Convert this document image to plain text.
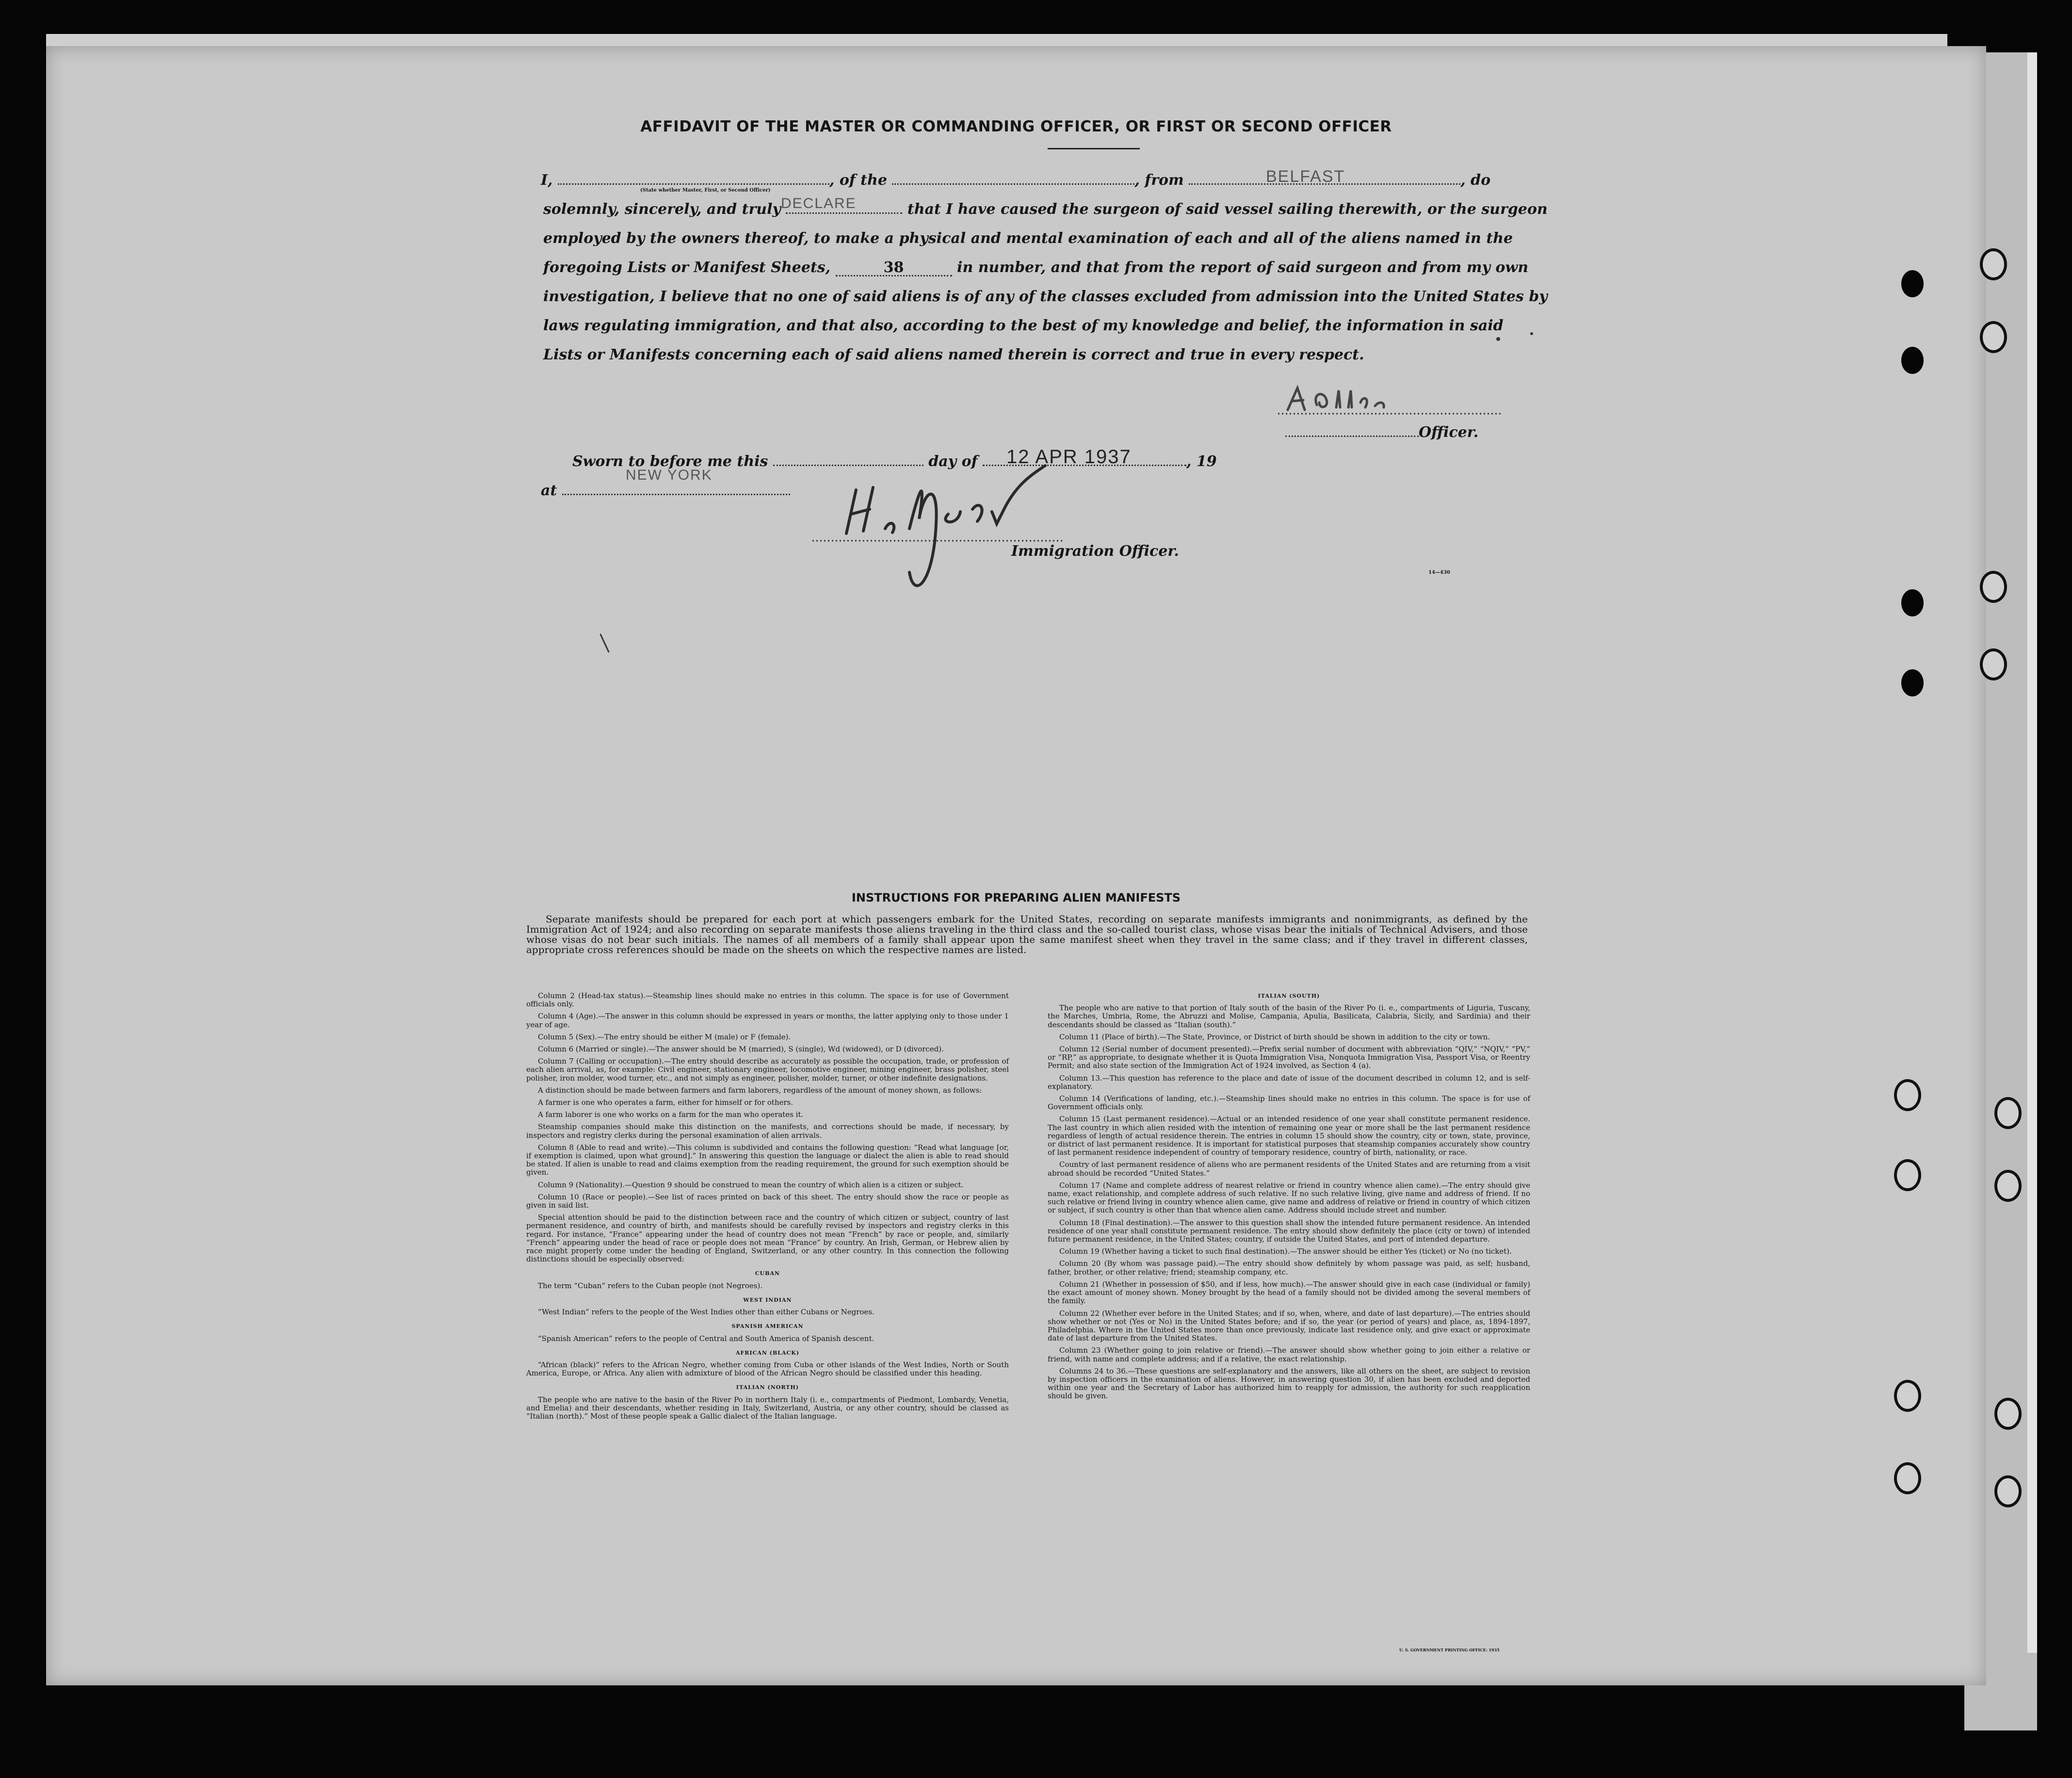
AFFIDAVIT OF THE MASTER OR COMMANDING OFFICER, OR FIRST OR SECOND OFFICER
I,	, of the	, from	, do
BELFAST
(State whether Master, First, or Second Officer)
solemnly, sincerely, and truly	that I have caused the surgeon of said vessel sailing therewith, or the surgeon
DECLARE
employed by the owners thereof, to make a physical and mental examination of each and all of the aliens named in the
foregoing Lists or Manifest Sheets,	38	in number, and that from the report of said surgeon and from my own
investigation, I believe that no one of said aliens is of any of the classes excluded from admission into the United States by
laws regulating immigration, and that also, according to the best of my knowledge and belief, the information in said
Lists or Manifests concerning each of said aliens named therein is correct and true in every respect.
Officer.
Sworn to before me this	day of	, 19
12 APR 1937
NEW YORK
at
Immigration Officer.
14—430
INSTRUCTIONS FOR PREPARING ALIEN MANIFESTS
Separate manifests should be prepared for each port at which passengers embark for the United States, recording on separate manifests immigrants and nonimmigrants, as defined by the Immigration Act of 1924; and also recording on separate manifests those aliens traveling in the third class and the so-called tourist class, whose visas bear the initials of Technical Advisers, and those whose visas do not bear such initials. The names of all members of a family shall appear upon the same manifest sheet when they travel in the same class; and if they travel in different classes, appropriate cross references should be made on the sheets on which the respective names are listed.

Column 2 (Head-tax status).—Steamship lines should make no entries in this column. The space is for use of Government officials only.

Column 4 (Age).—The answer in this column should be expressed in years or months, the latter applying only to those under 1 year of age.

Column 5 (Sex).—The entry should be either M (male) or F (female).

Column 6 (Married or single).—The answer should be M (married), S (single), Wd (widowed), or D (divorced).

Column 7 (Calling or occupation).—The entry should describe as accurately as possible the occupation, trade, or profession of each alien arrival, as, for example: Civil engineer, stationary engineer, locomotive engineer, mining engineer, brass polisher, steel polisher, iron molder, wood turner, etc., and not simply as engineer, polisher, molder, turner, or other indefinite designations.

A distinction should be made between farmers and farm laborers, regardless of the amount of money shown, as follows:

A farmer is one who operates a farm, either for himself or for others.

A farm laborer is one who works on a farm for the man who operates it.

Steamship companies should make this distinction on the manifests, and corrections should be made, if necessary, by inspectors and registry clerks during the personal examination of alien arrivals.

Column 8 (Able to read and write).—This column is subdivided and contains the following question: “Read what language [or, if exemption is claimed, upon what ground].” In answering this question the language or dialect the alien is able to read should be stated. If alien is unable to read and claims exemption from the reading requirement, the ground for such exemption should be given.

Column 9 (Nationality).—Question 9 should be construed to mean the country of which alien is a citizen or subject.

Column 10 (Race or people).—See list of races printed on back of this sheet. The entry should show the race or people as given in said list.

Special attention should be paid to the distinction between race and the country of which citizen or subject, country of last permanent residence, and country of birth, and manifests should be carefully revised by inspectors and registry clerks in this regard. For instance, “France” appearing under the head of country does not mean “French” by race or people, and, similarly “French” appearing under the head of race or people does not mean “France” by country. An Irish, German, or Hebrew alien by race might properly come under the heading of England, Switzerland, or any other country. In this connection the following distinctions should be especially observed:

CUBAN

The term “Cuban” refers to the Cuban people (not Negroes).

WEST INDIAN

“West Indian” refers to the people of the West Indies other than either Cubans or Negroes.

SPANISH AMERICAN

“Spanish American” refers to the people of Central and South America of Spanish descent.

AFRICAN (BLACK)

“African (black)” refers to the African Negro, whether coming from Cuba or other islands of the West Indies, North or South America, Europe, or Africa. Any alien with admixture of blood of the African Negro should be classified under this heading.

ITALIAN (NORTH)

The people who are native to the basin of the River Po in northern Italy (i. e., compartments of Piedmont, Lombardy, Venetia, and Emelia) and their descendants, whether residing in Italy, Switzerland, Austria, or any other country, should be classed as “Italian (north).” Most of these people speak a Gallic dialect of the Italian language.

ITALIAN (SOUTH)

The people who are native to that portion of Italy south of the basin of the River Po (i. e., compartments of Liguria, Tuscany, the Marches, Umbria, Rome, the Abruzzi and Molise, Campania, Apulia, Basilicata, Calabria, Sicily, and Sardinia) and their descendants should be classed as “Italian (south).”

Column 11 (Place of birth).—The State, Province, or District of birth should be shown in addition to the city or town.

Column 12 (Serial number of document presented).—Prefix serial number of document with abbreviation “QIV,” “NQIV,” “PV,” or “RP,” as appropriate, to designate whether it is Quota Immigration Visa, Nonquota Immigration Visa, Passport Visa, or Reentry Permit; and also state section of the Immigration Act of 1924 involved, as Section 4 (a).

Column 13.—This question has reference to the place and date of issue of the document described in column 12, and is self-explanatory.

Column 14 (Verifications of landing, etc.).—Steamship lines should make no entries in this column. The space is for use of Government officials only.

Column 15 (Last permanent residence).—Actual or an intended residence of one year shall constitute permanent residence. The last country in which alien resided with the intention of remaining one year or more shall be the last permanent residence regardless of length of actual residence therein. The entries in column 15 should show the country, city or town, state, province, or district of last permanent residence. It is important for statistical purposes that steamship companies accurately show country of last permanent residence independent of country of temporary residence, country of birth, nationality, or race.

Country of last permanent residence of aliens who are permanent residents of the United States and are returning from a visit abroad should be recorded “United States.”

Column 17 (Name and complete address of nearest relative or friend in country whence alien came).—The entry should give name, exact relationship, and complete address of such relative. If no such relative living, give name and address of friend. If no such relative or friend living in country whence alien came, give name and address of relative or friend in country of which citizen or subject, if such country is other than that whence alien came. Address should include street and number.

Column 18 (Final destination).—The answer to this question shall show the intended future permanent residence. An intended residence of one year shall constitute permanent residence. The entry should show definitely the place (city or town) of intended future permanent residence, in the United States; country, if outside the United States, and port of intended departure.

Column 19 (Whether having a ticket to such final destination).—The answer should be either Yes (ticket) or No (no ticket).

Column 20 (By whom was passage paid).—The entry should show definitely by whom passage was paid, as self; husband, father, brother, or other relative; friend; steamship company, etc.

Column 21 (Whether in possession of $50, and if less, how much).—The answer should give in each case (individual or family) the exact amount of money shown. Money brought by the head of a family should not be divided among the several members of the family.

Column 22 (Whether ever before in the United States; and if so, when, where, and date of last departure).—The entries should show whether or not (Yes or No) in the United States before; and if so, the year (or period of years) and place, as, 1894-1897, Philadelphia. Where in the United States more than once previously, indicate last residence only, and give exact or approximate date of last departure from the United States.

Column 23 (Whether going to join relative or friend).—The answer should show whether going to join either a relative or friend, with name and complete address; and if a relative, the exact relationship.

Columns 24 to 36.—These questions are self-explanatory and the answers, like all others on the sheet, are subject to revision by inspection officers in the examination of aliens. However, in answering question 30, if alien has been excluded and deported within one year and the Secretary of Labor has authorized him to reapply for admission, the authority for such reapplication should be given.

U. S. GOVERNMENT PRINTING OFFICE: 1935
